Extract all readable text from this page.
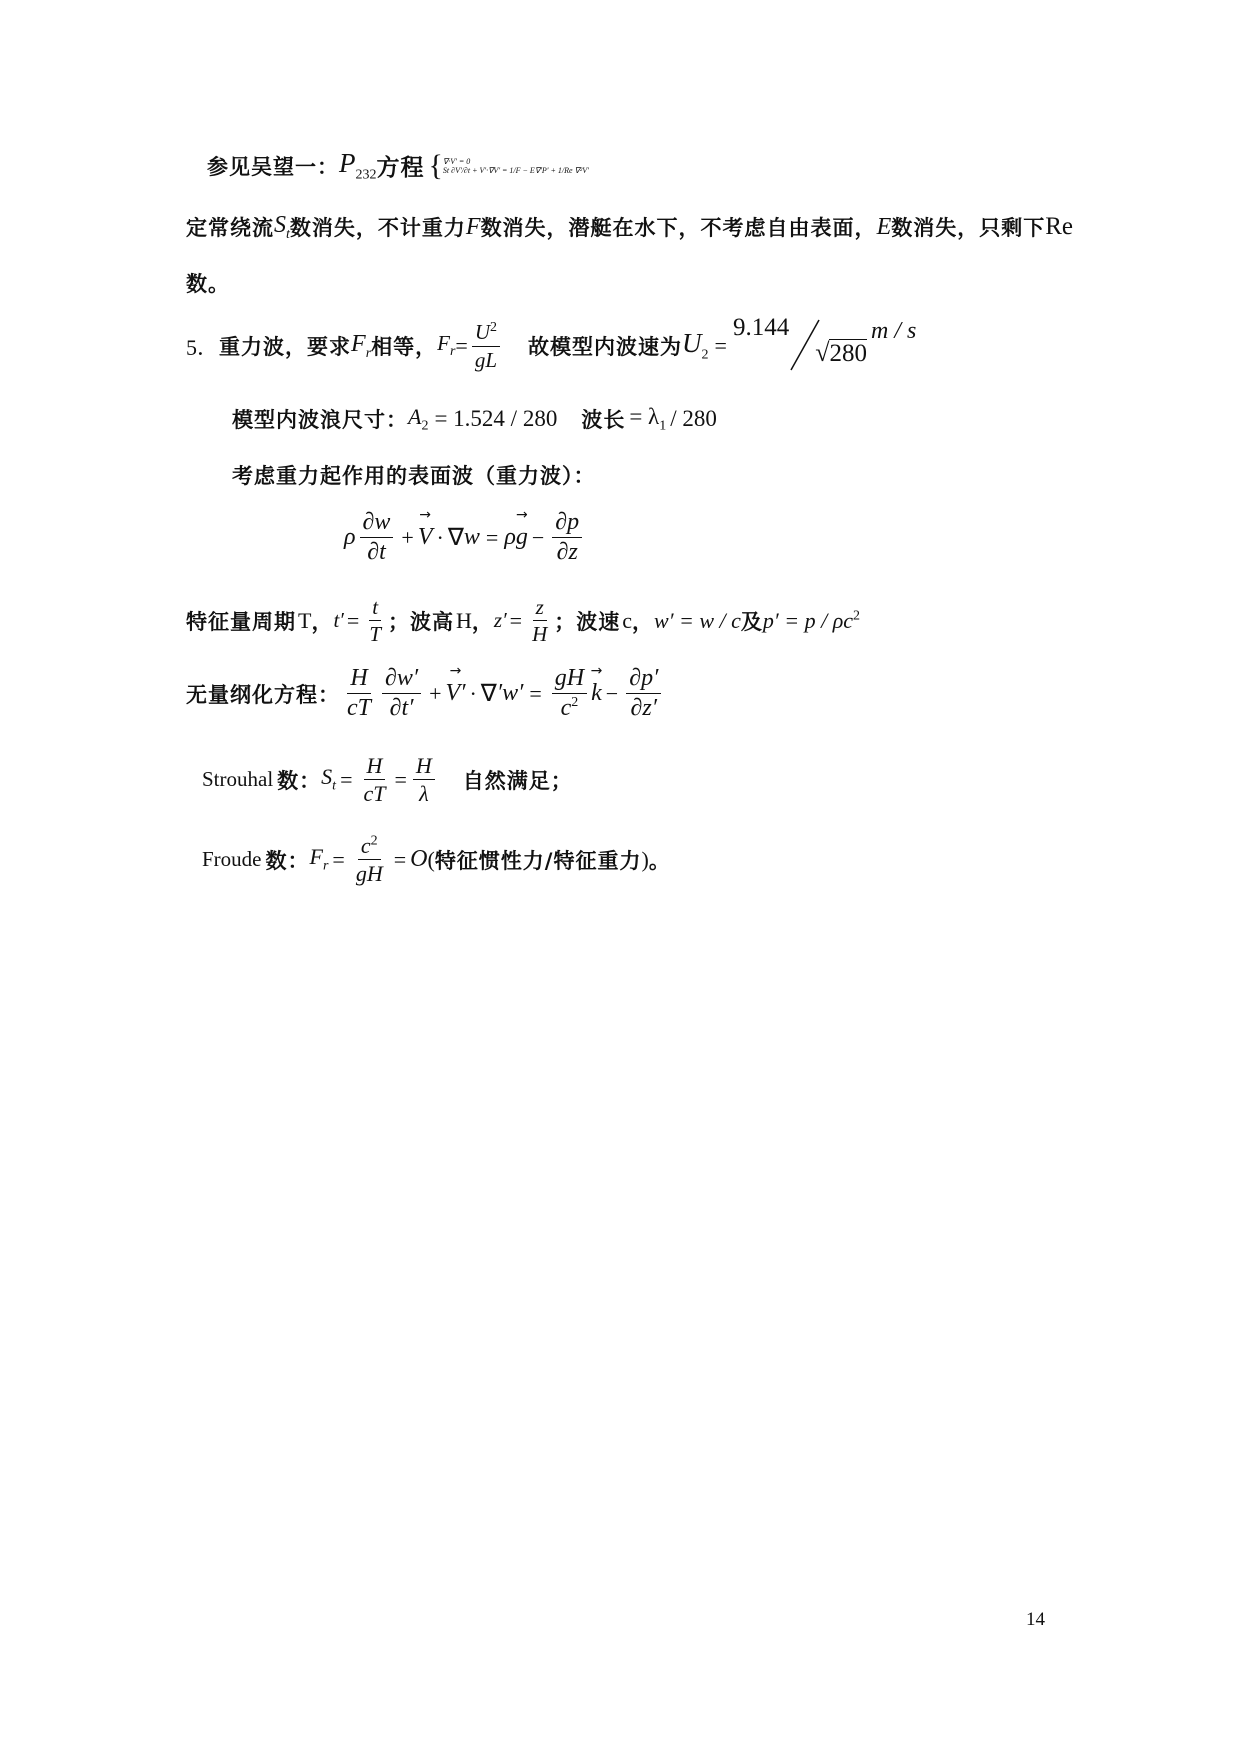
参见吴望一： $P_{232}$ 方程 { ∇·V' = 0
St ∂V'/∂t + V'·∇V' = 1/F − E∇'P' + 1/Re ∇²V'
定常绕流 $S_t$ 数消失，不计重力 F 数消失，潜艇在水下，不考虑自由表面， E 数消失，只剩下 Re
数。
5． 重力波，要求 $F_r$ 相等， $F_r = \frac{U^2}{gL}$ 故模型内波速为 $U_2$ =
9.144
√ 280
m / s
模型内波浪尺寸： $A_2 = 1.524 / 280$ 波长 = $\lambda_1 / 280$
考虑重力起作用的表面波（重力波）：
ρ $\frac{\partial w}{\partial t}$ +
→ V · ∇ w = ρ
→ $g - \frac{\partial p}{\partial z}$
特征量周期 T ， $t' = \frac{t}{T}$ ； 波高 H ， $z' = \frac{z}{H}$ ； 波速 c ， w′ = w / c 及 $p' = p / \rho c^2$
无量纲化方程： $\frac{H}{cT} \frac{\partial w'}{\partial t'}$ +
→ V′ · ∇ $'w' = \frac{gH}{c^2}$
→ $k - \frac{\partial p'}{\partial z'}$
Strouhal 数： $S_t = \frac{H}{cT} = \frac{H}{\lambda}$ 自然满足；
Froude 数： $F_r = \frac{c^2}{gH} = O$ ( 特征惯性力/特征重力 ) 。
14
